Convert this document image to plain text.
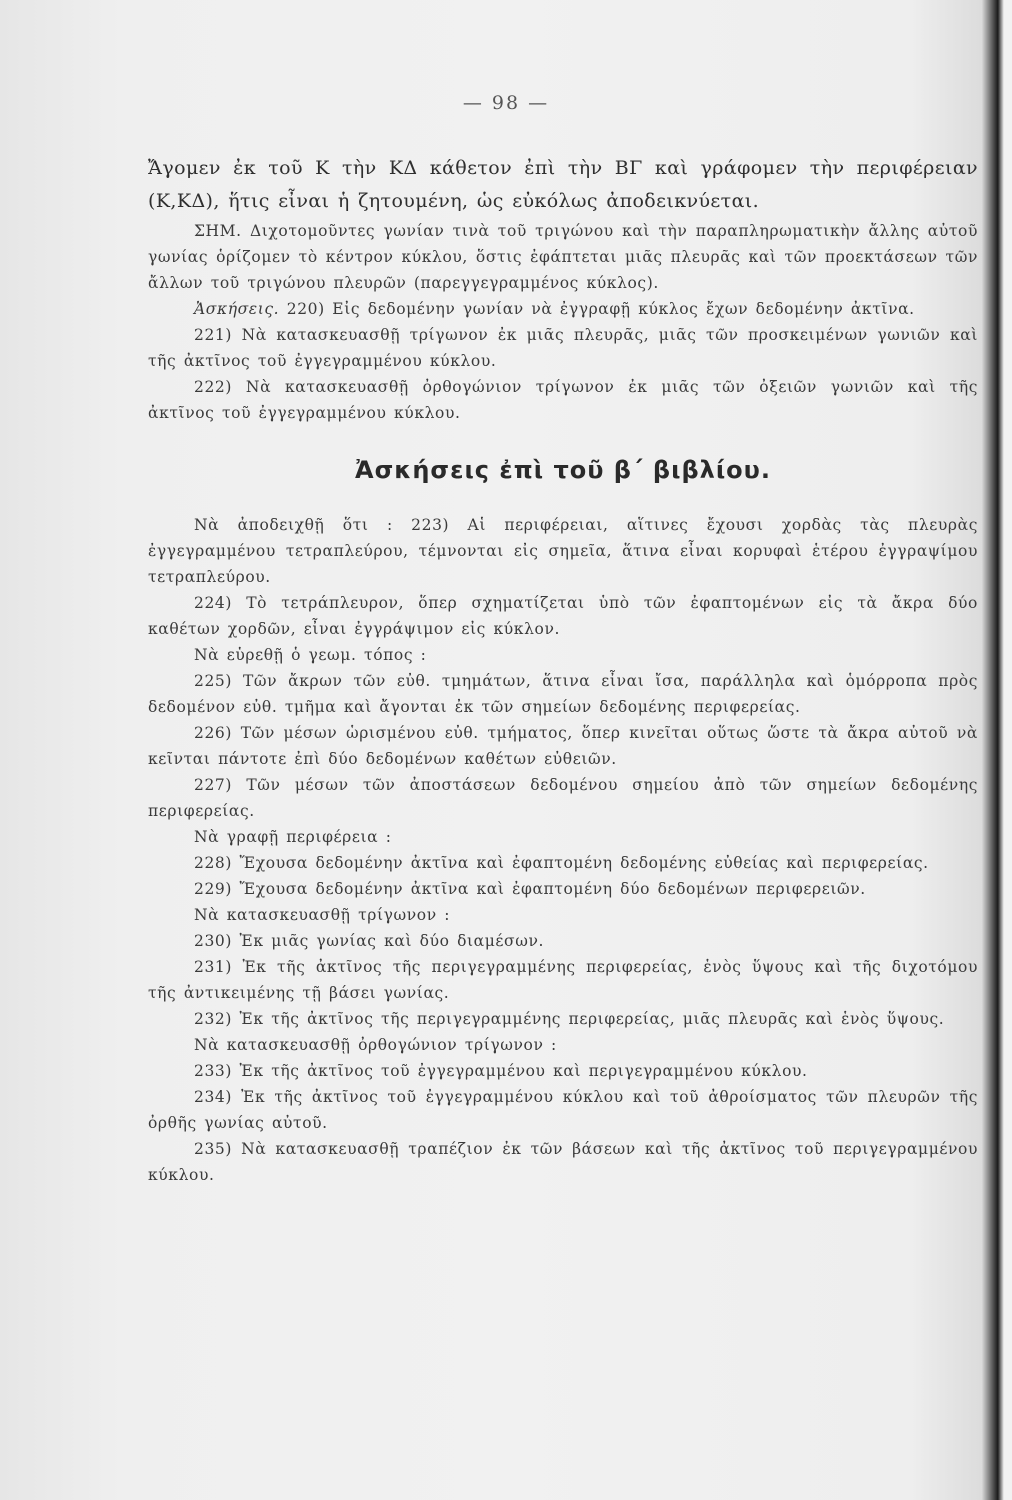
— 98 —

Ἄγομεν ἐκ τοῦ Κ τὴν ΚΔ κάθετον ἐπὶ τὴν ΒΓ καὶ γράφομεν τὴν περιφέρειαν (Κ,ΚΔ), ἥτις εἶναι ἡ ζητουμένη, ὡς εὐκόλως ἀποδεικνύεται.

ΣΗΜ. Διχοτομοῦντες γωνίαν τινὰ τοῦ τριγώνου καὶ τὴν παραπληρωματικὴν ἄλλης αὐτοῦ γωνίας ὁρίζομεν τὸ κέντρον κύκλου, ὅστις ἐφάπτεται μιᾶς πλευρᾶς καὶ τῶν προεκτάσεων τῶν ἄλλων τοῦ τριγώνου πλευρῶν (παρεγγεγραμμένος κύκλος).

Ἀσκήσεις. 220) Εἰς δεδομένην γωνίαν νὰ ἐγγραφῇ κύκλος ἔχων δεδομένην ἀκτῖνα.

221) Νὰ κατασκευασθῇ τρίγωνον ἐκ μιᾶς πλευρᾶς, μιᾶς τῶν προσκειμένων γωνιῶν καὶ τῆς ἀκτῖνος τοῦ ἐγγεγραμμένου κύκλου.

222) Νὰ κατασκευασθῇ ὀρθογώνιον τρίγωνον ἐκ μιᾶς τῶν ὀξειῶν γωνιῶν καὶ τῆς ἀκτῖνος τοῦ ἐγγεγραμμένου κύκλου.

Ἀσκήσεις ἐπὶ τοῦ β΄ βιβλίου.

Νὰ ἀποδειχθῇ ὅτι : 223) Αἱ περιφέρειαι, αἵτινες ἔχουσι χορδὰς τὰς πλευρὰς ἐγγεγραμμένου τετραπλεύρου, τέμνονται εἰς σημεῖα, ἅτινα εἶναι κορυφαὶ ἑτέρου ἐγγραψίμου τετραπλεύρου.

224) Τὸ τετράπλευρον, ὅπερ σχηματίζεται ὑπὸ τῶν ἐφαπτομένων εἰς τὰ ἄκρα δύο καθέτων χορδῶν, εἶναι ἐγγράψιμον εἰς κύκλον.

Νὰ εὑρεθῇ ὁ γεωμ. τόπος :

225) Τῶν ἄκρων τῶν εὐθ. τμημάτων, ἅτινα εἶναι ἴσα, παράλληλα καὶ ὁμόρροπα πρὸς δεδομένον εὐθ. τμῆμα καὶ ἄγονται ἐκ τῶν σημείων δεδομένης περιφερείας.

226) Τῶν μέσων ὡρισμένου εὐθ. τμήματος, ὅπερ κινεῖται οὕτως ὥστε τὰ ἄκρα αὐτοῦ νὰ κεῖνται πάντοτε ἐπὶ δύο δεδομένων καθέτων εὐθειῶν.

227) Τῶν μέσων τῶν ἀποστάσεων δεδομένου σημείου ἀπὸ τῶν σημείων δεδομένης περιφερείας.

Νὰ γραφῇ περιφέρεια :

228) Ἔχουσα δεδομένην ἀκτῖνα καὶ ἐφαπτομένη δεδομένης εὐθείας καὶ περιφερείας.

229) Ἔχουσα δεδομένην ἀκτῖνα καὶ ἐφαπτομένη δύο δεδομένων περιφερειῶν.

Νὰ κατασκευασθῇ τρίγωνον :

230) Ἐκ μιᾶς γωνίας καὶ δύο διαμέσων.

231) Ἐκ τῆς ἀκτῖνος τῆς περιγεγραμμένης περιφερείας, ἑνὸς ὕψους καὶ τῆς διχοτόμου τῆς ἀντικειμένης τῇ βάσει γωνίας.

232) Ἐκ τῆς ἀκτῖνος τῆς περιγεγραμμένης περιφερείας, μιᾶς πλευρᾶς καὶ ἑνὸς ὕψους.

Νὰ κατασκευασθῇ ὀρθογώνιον τρίγωνον :

233) Ἐκ τῆς ἀκτῖνος τοῦ ἐγγεγραμμένου καὶ περιγεγραμμένου κύκλου.

234) Ἐκ τῆς ἀκτῖνος τοῦ ἐγγεγραμμένου κύκλου καὶ τοῦ ἀθροίσματος τῶν πλευρῶν τῆς ὀρθῆς γωνίας αὐτοῦ.

235) Νὰ κατασκευασθῇ τραπέζιον ἐκ τῶν βάσεων καὶ τῆς ἀκτῖνος τοῦ περιγεγραμμένου κύκλου.
